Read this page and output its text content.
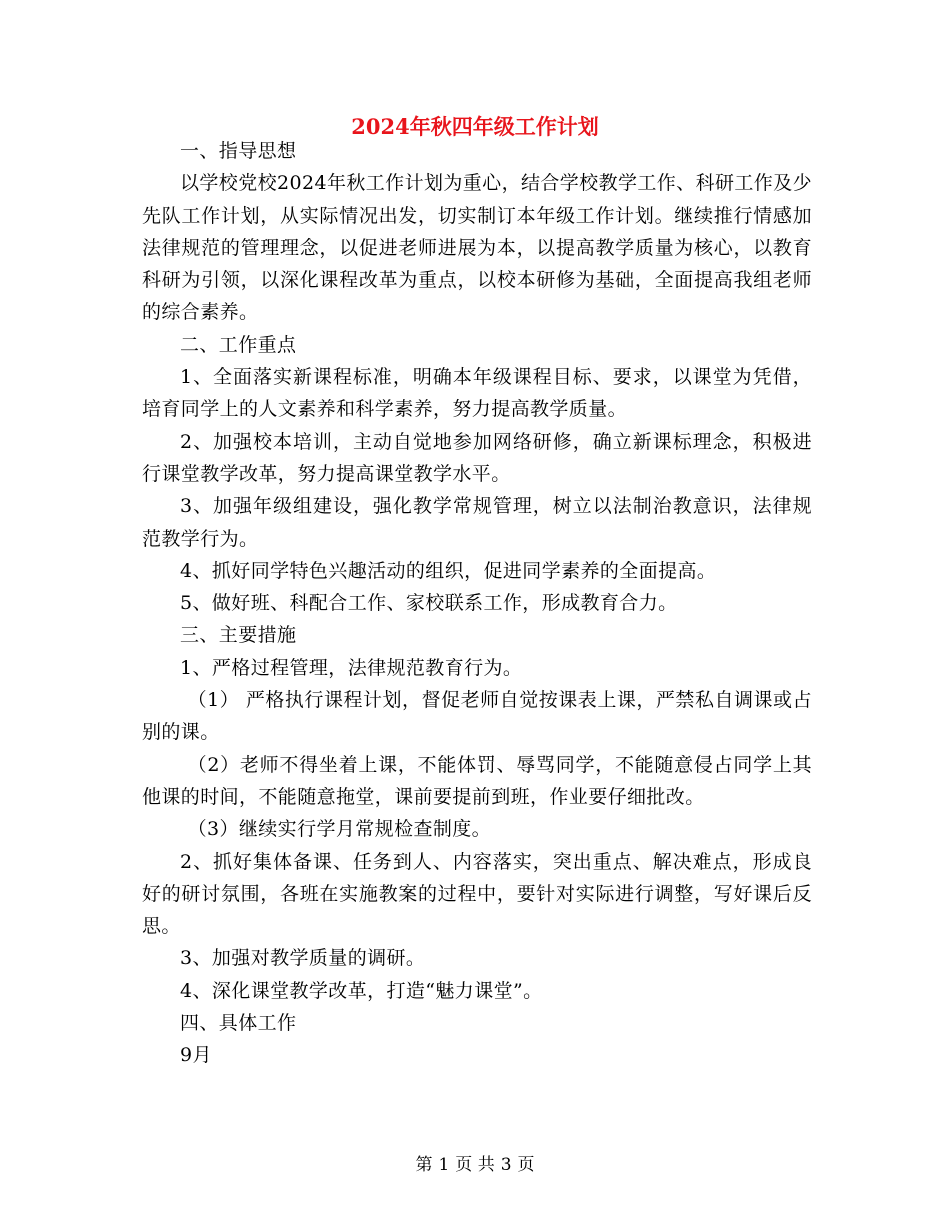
2024年秋四年级工作计划

一、指导思想

以学校党校2024年秋工作计划为重心，结合学校教学工作、科研工作及少先队工作计划，从实际情况出发，切实制订本年级工作计划。继续推行情感加法律规范的管理理念，以促进老师进展为本，以提高教学质量为核心，以教育科研为引领，以深化课程改革为重点，以校本研修为基础，全面提高我组老师的综合素养。

二、工作重点

1、全面落实新课程标准，明确本年级课程目标、要求，以课堂为凭借，培育同学上的人文素养和科学素养，努力提高教学质量。

2、加强校本培训，主动自觉地参加网络研修，确立新课标理念，积极进行课堂教学改革，努力提高课堂教学水平。

3、加强年级组建设，强化教学常规管理，树立以法制治教意识，法律规范教学行为。

4、抓好同学特色兴趣活动的组织，促进同学素养的全面提高。

5、做好班、科配合工作、家校联系工作，形成教育合力。

三、主要措施

1、严格过程管理，法律规范教育行为。

（1） 严格执行课程计划，督促老师自觉按课表上课，严禁私自调课或占别的课。

（2）老师不得坐着上课，不能体罚、辱骂同学，不能随意侵占同学上其他课的时间，不能随意拖堂，课前要提前到班，作业要仔细批改。

（3）继续实行学月常规检查制度。

2、抓好集体备课、任务到人、内容落实，突出重点、解决难点，形成良好的研讨氛围，各班在实施教案的过程中，要针对实际进行调整，写好课后反思。

3、加强对教学质量的调研。

4、深化课堂教学改革，打造“魅力课堂”。

四、具体工作

9月

第 1 页 共 3 页
